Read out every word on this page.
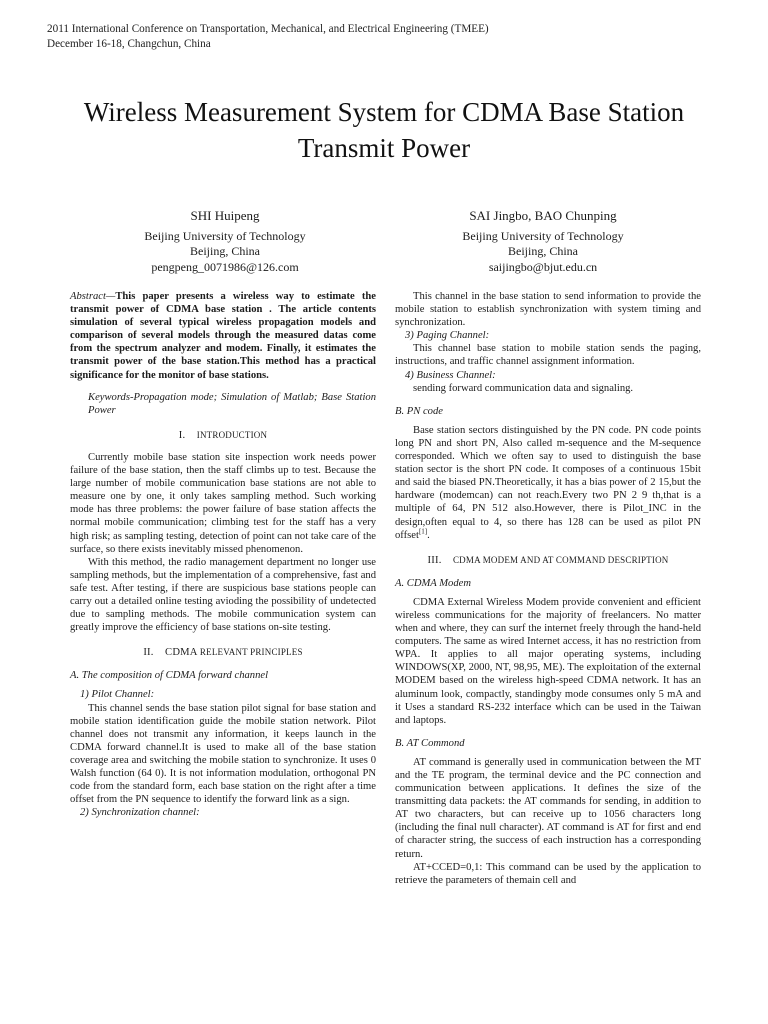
2011 International Conference on Transportation, Mechanical, and Electrical Engineering (TMEE)
December 16-18, Changchun, China
Wireless Measurement System for CDMA Base Station Transmit Power
SHI Huipeng
Beijing University of Technology
Beijing, China
pengpeng_0071986@126.com
SAI Jingbo, BAO Chunping
Beijing University of Technology
Beijing, China
saijingbo@bjut.edu.cn

Abstract—This paper presents a wireless way to estimate the transmit power of CDMA base station . The article contents simulation of several typical wireless propagation models and comparison of several models through the measured datas come from the spectrum analyzer and modem. Finally, it estimates the transmit power of the base station.This method has a practical significance for the monitor of base stations.

Keywords-Propagation mode; Simulation of Matlab; Base Station Power

I. INTRODUCTION

Currently mobile base station site inspection work needs power failure of the base station, then the staff climbs up to test. Because the large number of mobile communication base stations are not able to measure one by one, it only takes sampling method. Such working mode has three problems: the power failure of base station affects the normal mobile communication; climbing test for the staff has a very high risk; as sampling testing, detection of point can not take care of the surface, so there exists inevitably missed phenomenon.

With this method, the radio management department no longer use sampling methods, but the implementation of a comprehensive, fast and safe test. After testing, if there are suspicious base stations people can carry out a detailed online testing avioding the possibility of undetected due to sampling methods. The mobile communication system can greatly improve the efficiency of base stations on-site testing.

II. CDMA RELEVANT PRINCIPLES
A. The composition of CDMA forward channel
1) Pilot Channel:

This channel sends the base station pilot signal for base station and mobile station identification guide the mobile station network. Pilot channel does not transmit any information, it keeps launch in the CDMA forward channel.It is used to make all of the base station coverage area and switching the mobile station to synchronize. It uses 0 Walsh function (64 0). It is not information modulation, orthogonal PN code from the standard form, each base station on the right after a time offset from the PN sequence to identify the forward link as a sign.

2) Synchronization channel:

This channel in the base station to send information to provide the mobile station to establish synchronization with system timing and synchronization.

3) Paging Channel:

This channel base station to mobile station sends the paging, instructions, and traffic channel assignment information.

4) Business Channel:

sending forward communication data and signaling.

B. PN code

Base station sectors distinguished by the PN code. PN code points long PN and short PN, Also called m-sequence and the M-sequence corresponded. Which we often say to used to distinguish the base station sector is the short PN code. It composes of a continuous 15bit and said the biased PN.Theoretically, it has a bias power of 2 15,but the hardware (modemcan) can not reach.Every two PN 2 9 th,that is a multiple of 64, PN 512 also.However, there is Pilot_INC in the design,often equal to 4, so there has 128 can be used as pilot PN offset[1].

III. CDMA MODEM AND AT COMMAND DESCRIPTION
A. CDMA Modem

CDMA External Wireless Modem provide convenient and efficient wireless communications for the majority of freelancers. No matter when and where, they can surf the internet freely through the hand-held computers. The same as wired Internet access, it has no restriction from WPA. It applies to all major operating systems, including WINDOWS(XP, 2000, NT, 98,95, ME). The exploitation of the external MODEM based on the wireless high-speed CDMA network. It has an aluminum look, compactly, standingby mode consumes only 5 mA and it Uses a standard RS-232 interface which can be used in the Taiwan and laptops.

B. AT Commond

AT command is generally used in communication between the MT and the TE program, the terminal device and the PC connection and communication between applications. It defines the size of the transmitting data packets: the AT commands for sending, in addition to AT two characters, but can receive up to 1056 characters long (including the final null character). AT command is AT for first and end of character string, the success of each instruction has a corresponding return.

AT+CCED=0,1: This command can be used by the application to retrieve the parameters of themain cell and
